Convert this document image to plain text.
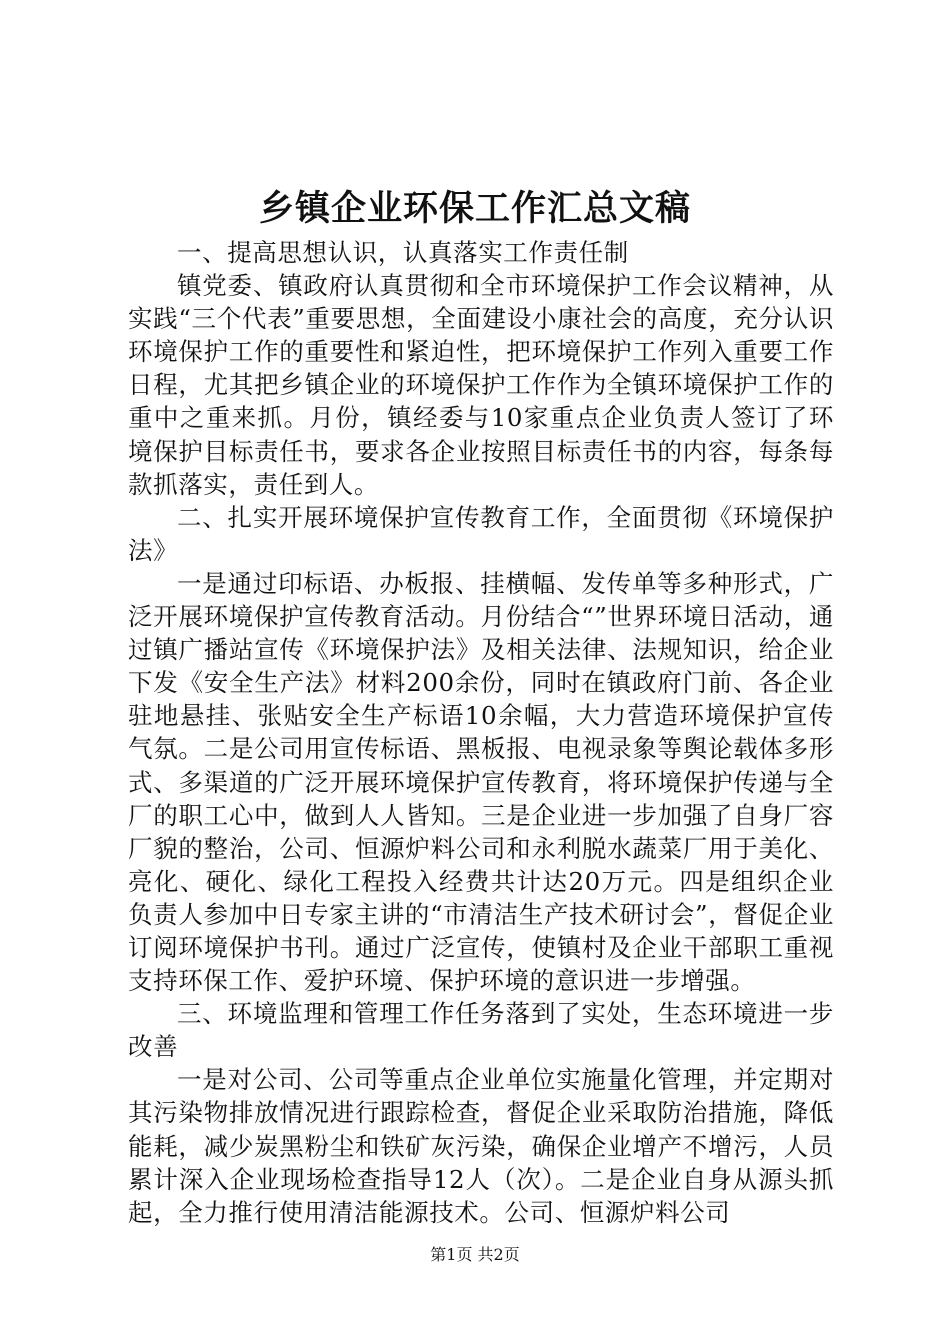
乡镇企业环保工作汇总文稿

一、提高思想认识，认真落实工作责任制

镇党委、镇政府认真贯彻和全市环境保护工作会议精神，从实践“三个代表”重要思想，全面建设小康社会的高度，充分认识环境保护工作的重要性和紧迫性，把环境保护工作列入重要工作日程，尤其把乡镇企业的环境保护工作作为全镇环境保护工作的重中之重来抓。月份，镇经委与10家重点企业负责人签订了环境保护目标责任书，要求各企业按照目标责任书的内容，每条每款抓落实，责任到人。

二、扎实开展环境保护宣传教育工作，全面贯彻《环境保护法》

一是通过印标语、办板报、挂横幅、发传单等多种形式，广泛开展环境保护宣传教育活动。月份结合“”世界环境日活动，通过镇广播站宣传《环境保护法》及相关法律、法规知识，给企业下发《安全生产法》材料200余份，同时在镇政府门前、各企业驻地悬挂、张贴安全生产标语10余幅，大力营造环境保护宣传气氛。二是公司用宣传标语、黑板报、电视录象等舆论载体多形式、多渠道的广泛开展环境保护宣传教育，将环境保护传递与全厂的职工心中，做到人人皆知。三是企业进一步加强了自身厂容厂貌的整治，公司、恒源炉料公司和永利脱水蔬菜厂用于美化、亮化、硬化、绿化工程投入经费共计达20万元。四是组织企业负责人参加中日专家主讲的“市清洁生产技术研讨会”，督促企业订阅环境保护书刊。通过广泛宣传，使镇村及企业干部职工重视支持环保工作、爱护环境、保护环境的意识进一步增强。

三、环境监理和管理工作任务落到了实处，生态环境进一步改善

一是对公司、公司等重点企业单位实施量化管理，并定期对其污染物排放情况进行跟踪检查，督促企业采取防治措施，降低能耗，减少炭黑粉尘和铁矿灰污染，确保企业增产不增污，人员累计深入企业现场检查指导12人（次）。二是企业自身从源头抓起，全力推行使用清洁能源技术。公司、恒源炉料公司

第1页 共2页
